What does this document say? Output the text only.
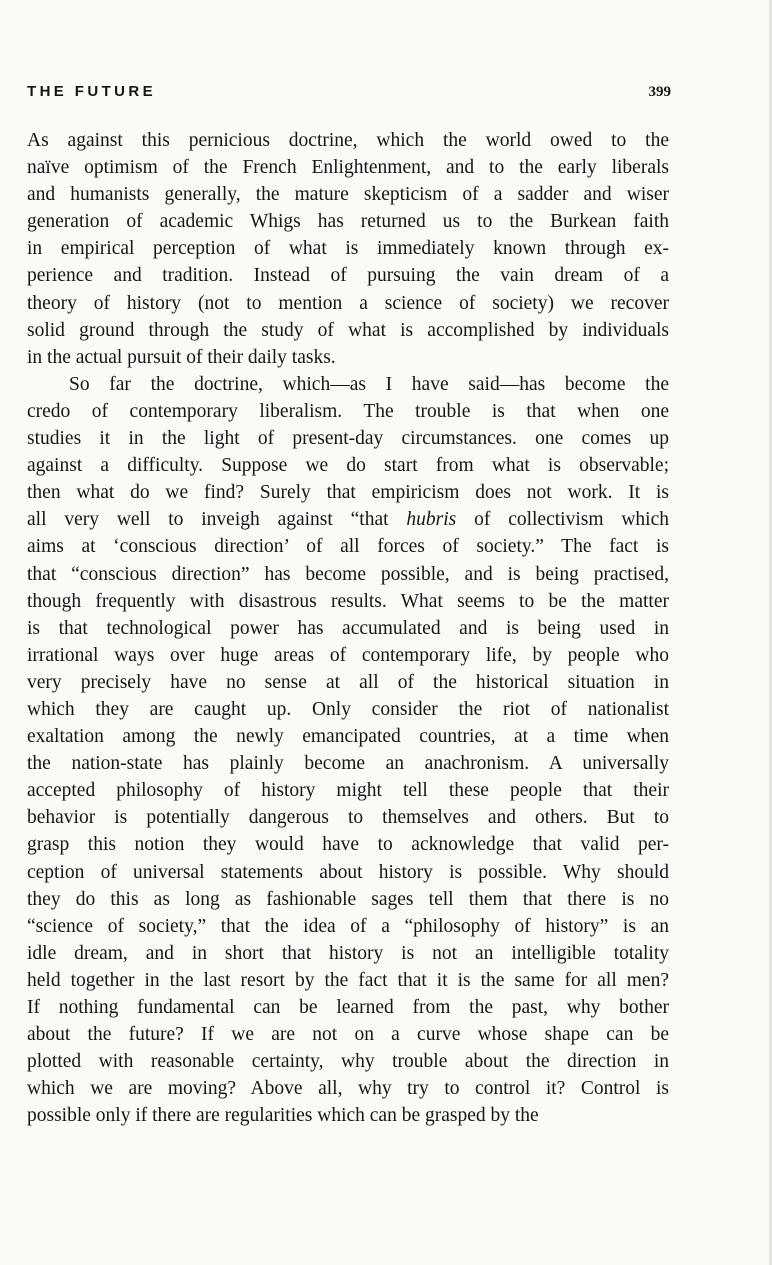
THE FUTURE	399
As against this pernicious doctrine, which the world owed to the
naïve optimism of the French Enlightenment, and to the early liberals
and humanists generally, the mature skepticism of a sadder and wiser
generation of academic Whigs has returned us to the Burkean faith
in empirical perception of what is immediately known through ex-
perience and tradition. Instead of pursuing the vain dream of a
theory of history (not to mention a science of society) we recover
solid ground through the study of what is accomplished by individuals
in the actual pursuit of their daily tasks.
So far the doctrine, which—as I have said—has become the
credo of contemporary liberalism. The trouble is that when one
studies it in the light of present-day circumstances. one comes up
against a difficulty. Suppose we do start from what is observable;
then what do we find? Surely that empiricism does not work. It is
all very well to inveigh against “that hubris of collectivism which
aims at ‘conscious direction’ of all forces of society.” The fact is
that “conscious direction” has become possible, and is being practised,
though frequently with disastrous results. What seems to be the matter
is that technological power has accumulated and is being used in
irrational ways over huge areas of contemporary life, by people who
very precisely have no sense at all of the historical situation in
which they are caught up. Only consider the riot of nationalist
exaltation among the newly emancipated countries, at a time when
the nation-state has plainly become an anachronism. A universally
accepted philosophy of history might tell these people that their
behavior is potentially dangerous to themselves and others. But to
grasp this notion they would have to acknowledge that valid per-
ception of universal statements about history is possible. Why should
they do this as long as fashionable sages tell them that there is no
“science of society,” that the idea of a “philosophy of history” is an
idle dream, and in short that history is not an intelligible totality
held together in the last resort by the fact that it is the same for all men?
If nothing fundamental can be learned from the past, why bother
about the future? If we are not on a curve whose shape can be
plotted with reasonable certainty, why trouble about the direction in
which we are moving? Above all, why try to control it? Control is
possible only if there are regularities which can be grasped by the
